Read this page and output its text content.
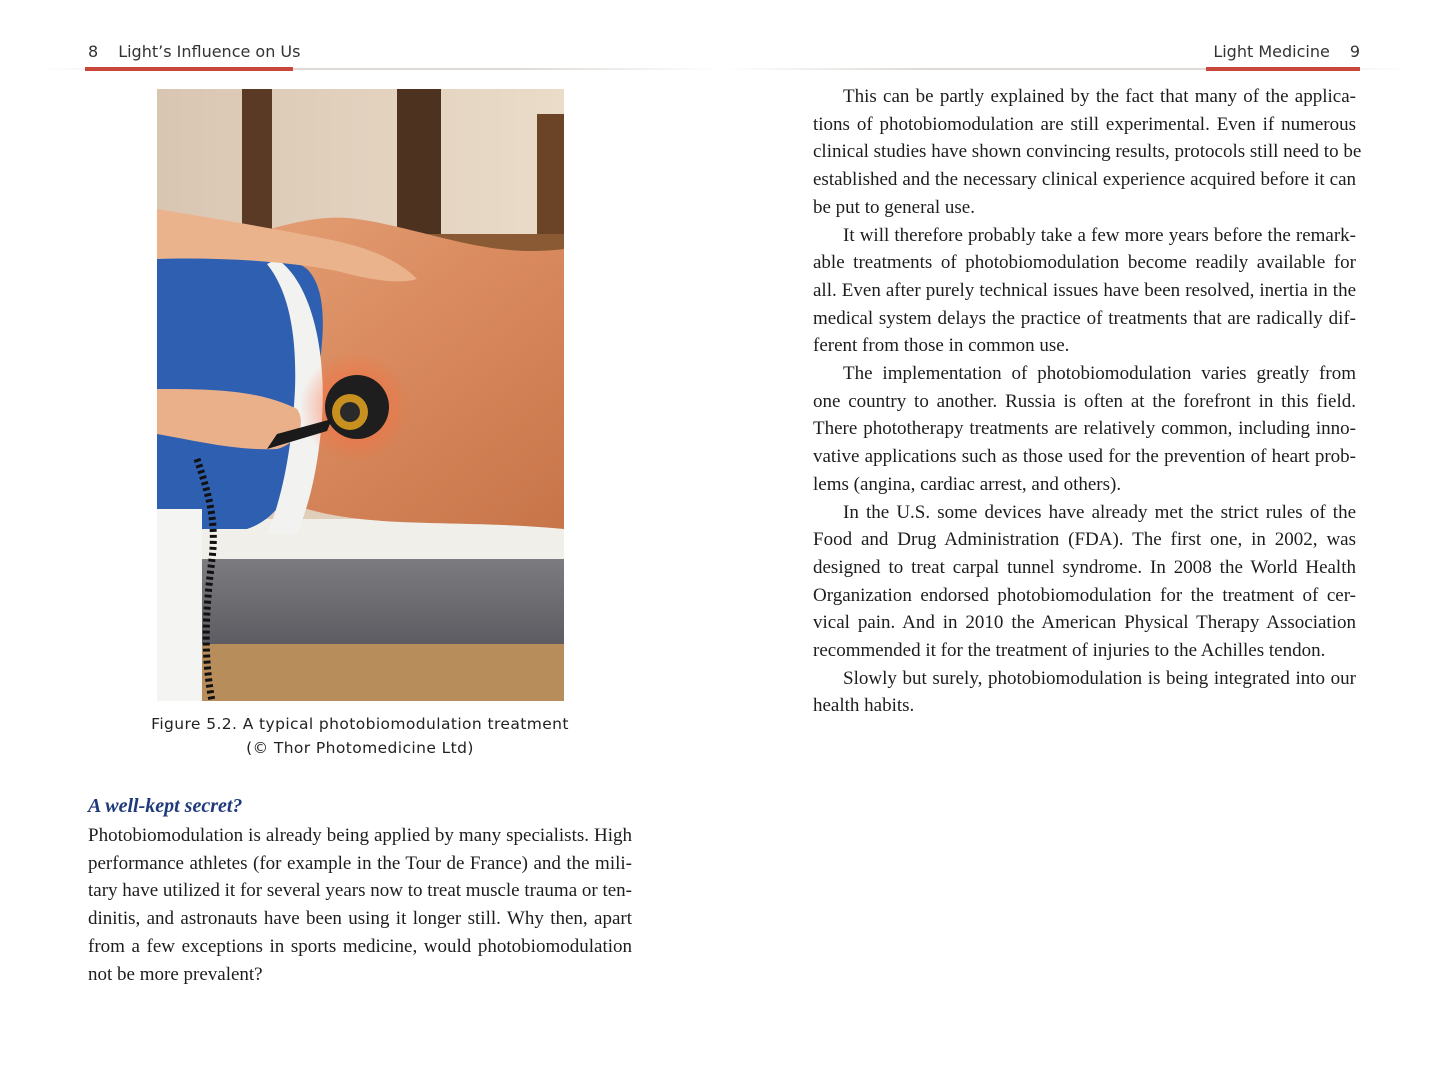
8 Light’s Influence on Us
Figure 5.2. A typical photobiomodulation treatment
(© Thor Photomedicine Ltd)
A well-kept secret?
Photobiomodulation is already being applied by many specialists. High
performance athletes (for example in the Tour de France) and the mili-
tary have utilized it for several years now to treat muscle trauma or ten-
dinitis, and astronauts have been using it longer still. Why then, apart
from a few exceptions in sports medicine, would photobiomodulation
not be more prevalent?
Light Medicine 9
This can be partly explained by the fact that many of the applica-
tions of photobiomodulation are still experimental. Even if numerous
clinical studies have shown convincing results, protocols still need to be
established and the necessary clinical experience acquired before it can
be put to general use.
It will therefore probably take a few more years before the remark-
able treatments of photobiomodulation become readily available for
all. Even after purely technical issues have been resolved, inertia in the
medical system delays the practice of treatments that are radically dif-
ferent from those in common use.
The implementation of photobiomodulation varies greatly from
one country to another. Russia is often at the forefront in this field.
There phototherapy treatments are relatively common, including inno-
vative applications such as those used for the prevention of heart prob-
lems (angina, cardiac arrest, and others).
In the U.S. some devices have already met the strict rules of the
Food and Drug Administration (FDA). The first one, in 2002, was
designed to treat carpal tunnel syndrome. In 2008 the World Health
Organization endorsed photobiomodulation for the treatment of cer-
vical pain. And in 2010 the American Physical Therapy Association
recommended it for the treatment of injuries to the Achilles tendon.
Slowly but surely, photobiomodulation is being integrated into our
health habits.
